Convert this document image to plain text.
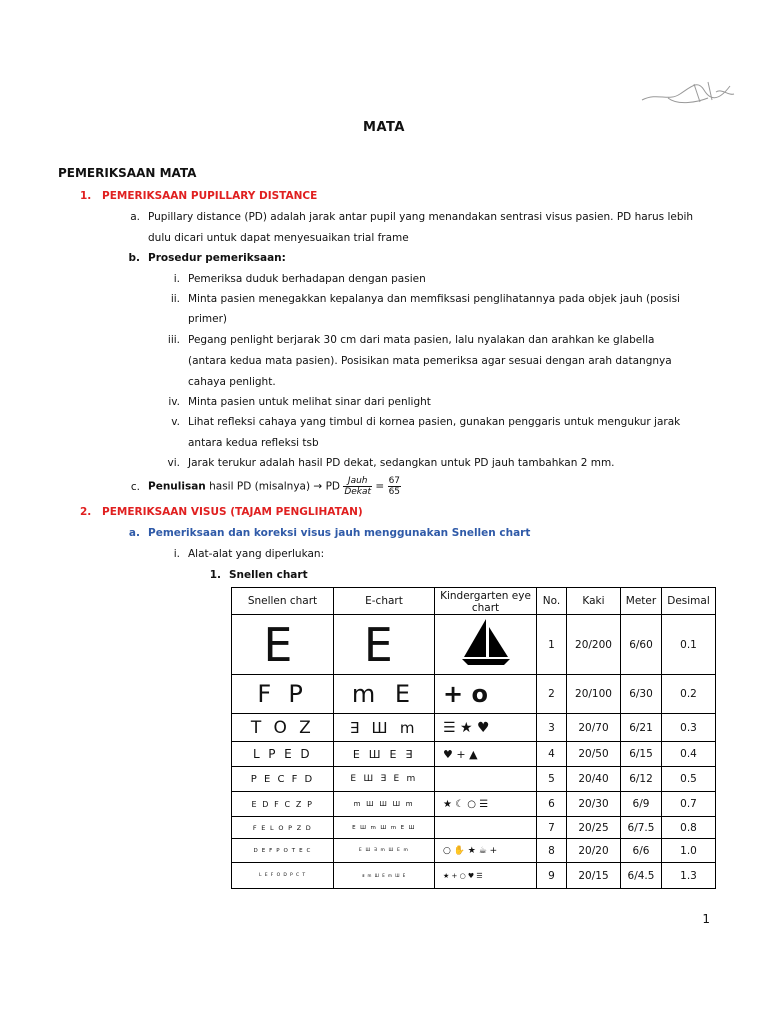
MATA
PEMERIKSAAN MATA
1. PEMERIKSAAN PUPILLARY DISTANCE
a. Pupillary distance (PD) adalah jarak antar pupil yang menandakan sentrasi visus pasien. PD harus lebih
dulu dicari untuk dapat menyesuaikan trial frame
b. Prosedur pemeriksaan:
i. Pemeriksa duduk berhadapan dengan pasien
ii. Minta pasien menegakkan kepalanya dan memfiksasi penglihatannya pada objek jauh (posisi
primer)
iii. Pegang penlight berjarak 30 cm dari mata pasien, lalu nyalakan dan arahkan ke glabella
(antara kedua mata pasien). Posisikan mata pemeriksa agar sesuai dengan arah datangnya
cahaya penlight.
iv. Minta pasien untuk melihat sinar dari penlight
v. Lihat refleksi cahaya yang timbul di kornea pasien, gunakan penggaris untuk mengukur jarak
antara kedua refleksi tsb
vi. Jarak terukur adalah hasil PD dekat, sedangkan untuk PD jauh tambahkan 2 mm.
c. Penulisan hasil PD (misalnya) → PD $\frac{\text{Jauh}}{\text{Dekat}} = \frac{67}{65}$
2. PEMERIKSAAN VISUS (TAJAM PENGLIHATAN)
a. Pemeriksaan dan koreksi visus jauh menggunakan Snellen chart
i. Alat-alat yang diperlukan:
1. Snellen chart
Snellen chart	E-chart	Kindergarten eye chart	No.	Kaki	Meter	Desimal
E	E		1	20/200	6/60	0.1
F P	m E	+ o	2	20/100	6/30	0.2
T O Z	∃ Ш m	☰ ★ ♥	3	20/70	6/21	0.3
L P E D	E Ш E ∃	♥ + ▲	4	20/50	6/15	0.4
P E C F D	E Ш ∃ E m		5	20/40	6/12	0.5
E D F C Z P	m Ш Ш Ш m	★ ☾ ○ ☰	6	20/30	6/9	0.7
F E L O P Z D	E Ш m Ш m E Ш		7	20/25	6/7.5	0.8
D E F P O T E C	E Ш ∃ m Ш E m	○ ✋ ★ ☕ +	8	20/20	6/6	1.0
L E F O D P C T	∃ m Ш E m Ш E	★ + ○ ♥ ☰	9	20/15	6/4.5	1.3
1
